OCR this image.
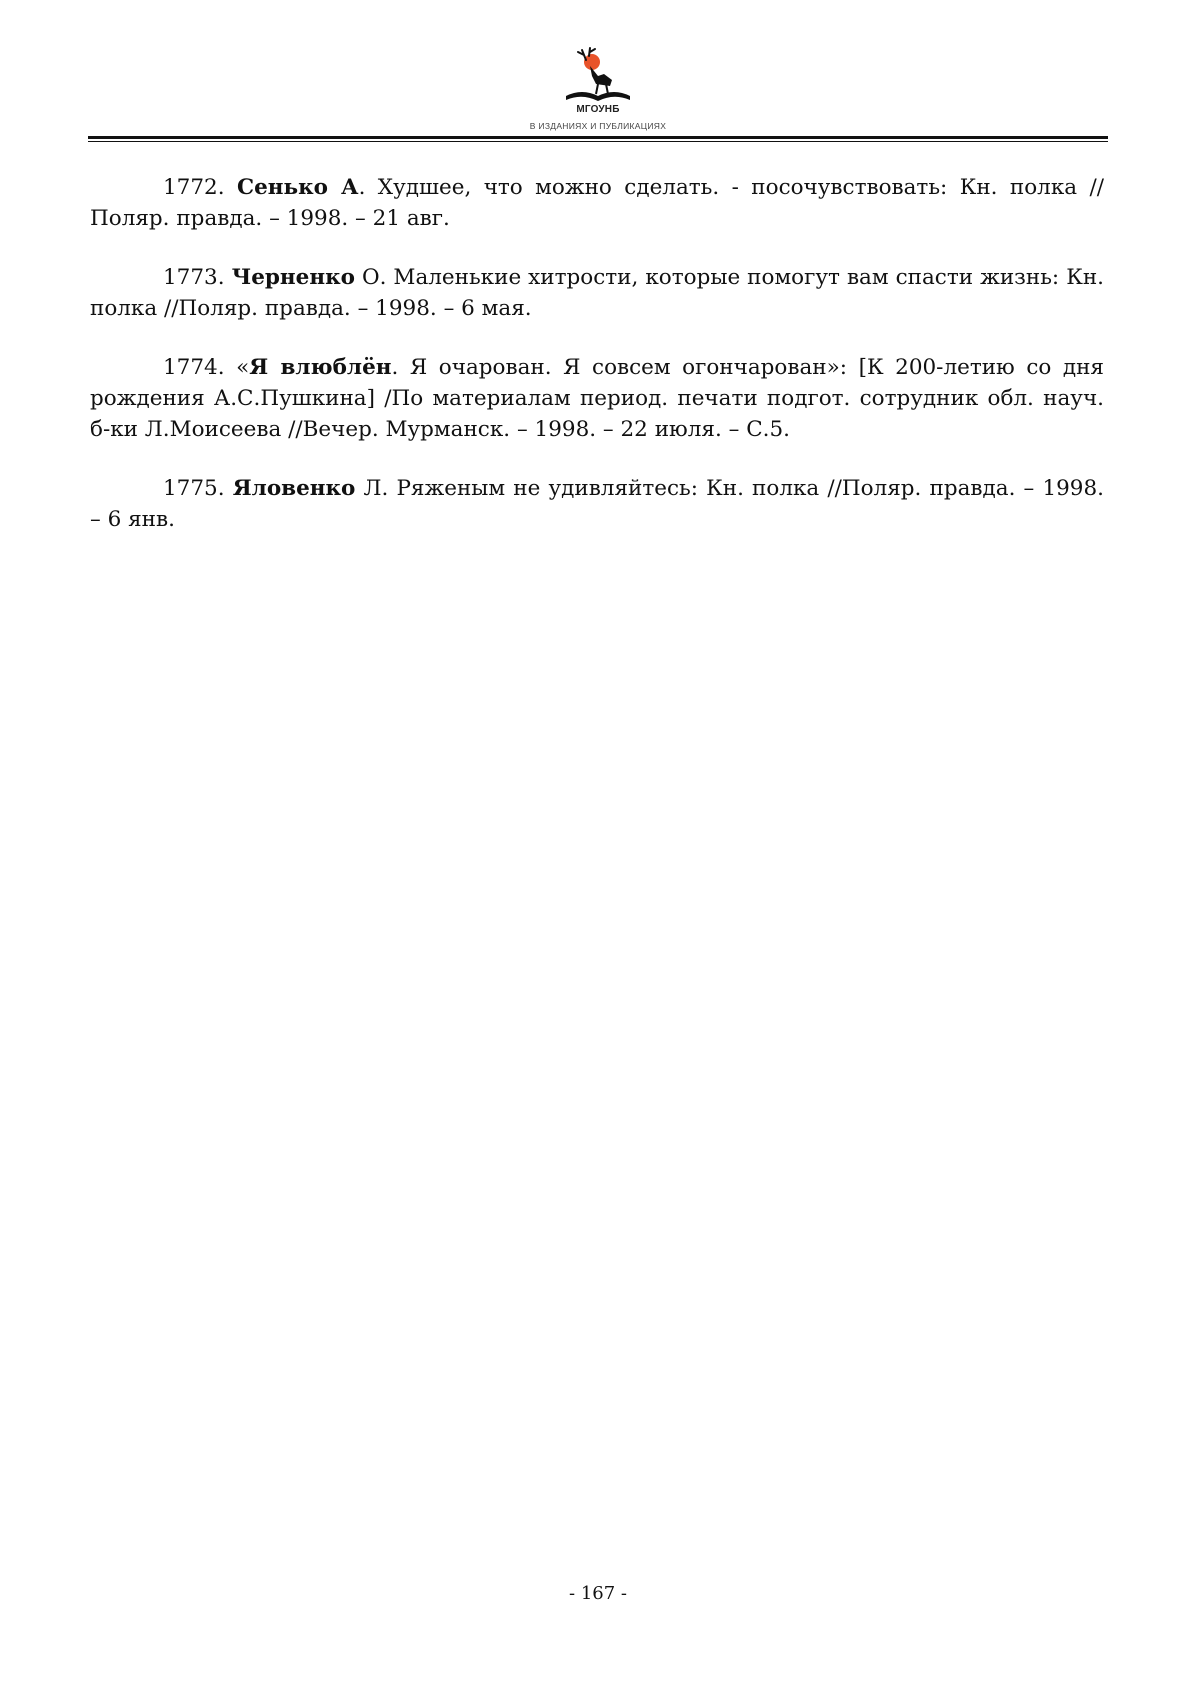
МГОУНБ
В ИЗДАНИЯХ И ПУБЛИКАЦИЯХ

1772. Сенько А. Худшее, что можно сделать. - посочувствовать: Кн. полка //Поляр. правда. – 1998. – 21 авг.

1773. Черненко О. Маленькие хитрости, которые помогут вам спасти жизнь: Кн. полка //Поляр. правда. – 1998. – 6 мая.

1774. «Я влюблён. Я очарован. Я совсем огончарован»: [К 200-летию со дня рождения А.С.Пушкина] /По материалам период. печати подгот. сотрудник обл. науч. б-ки Л.Моисеева //Вечер. Мурманск. – 1998. – 22 июля. – С.5.

1775. Яловенко Л. Ряженым не удивляйтесь: Кн. полка //Поляр. правда. – 1998. – 6 янв.

- 167 -
